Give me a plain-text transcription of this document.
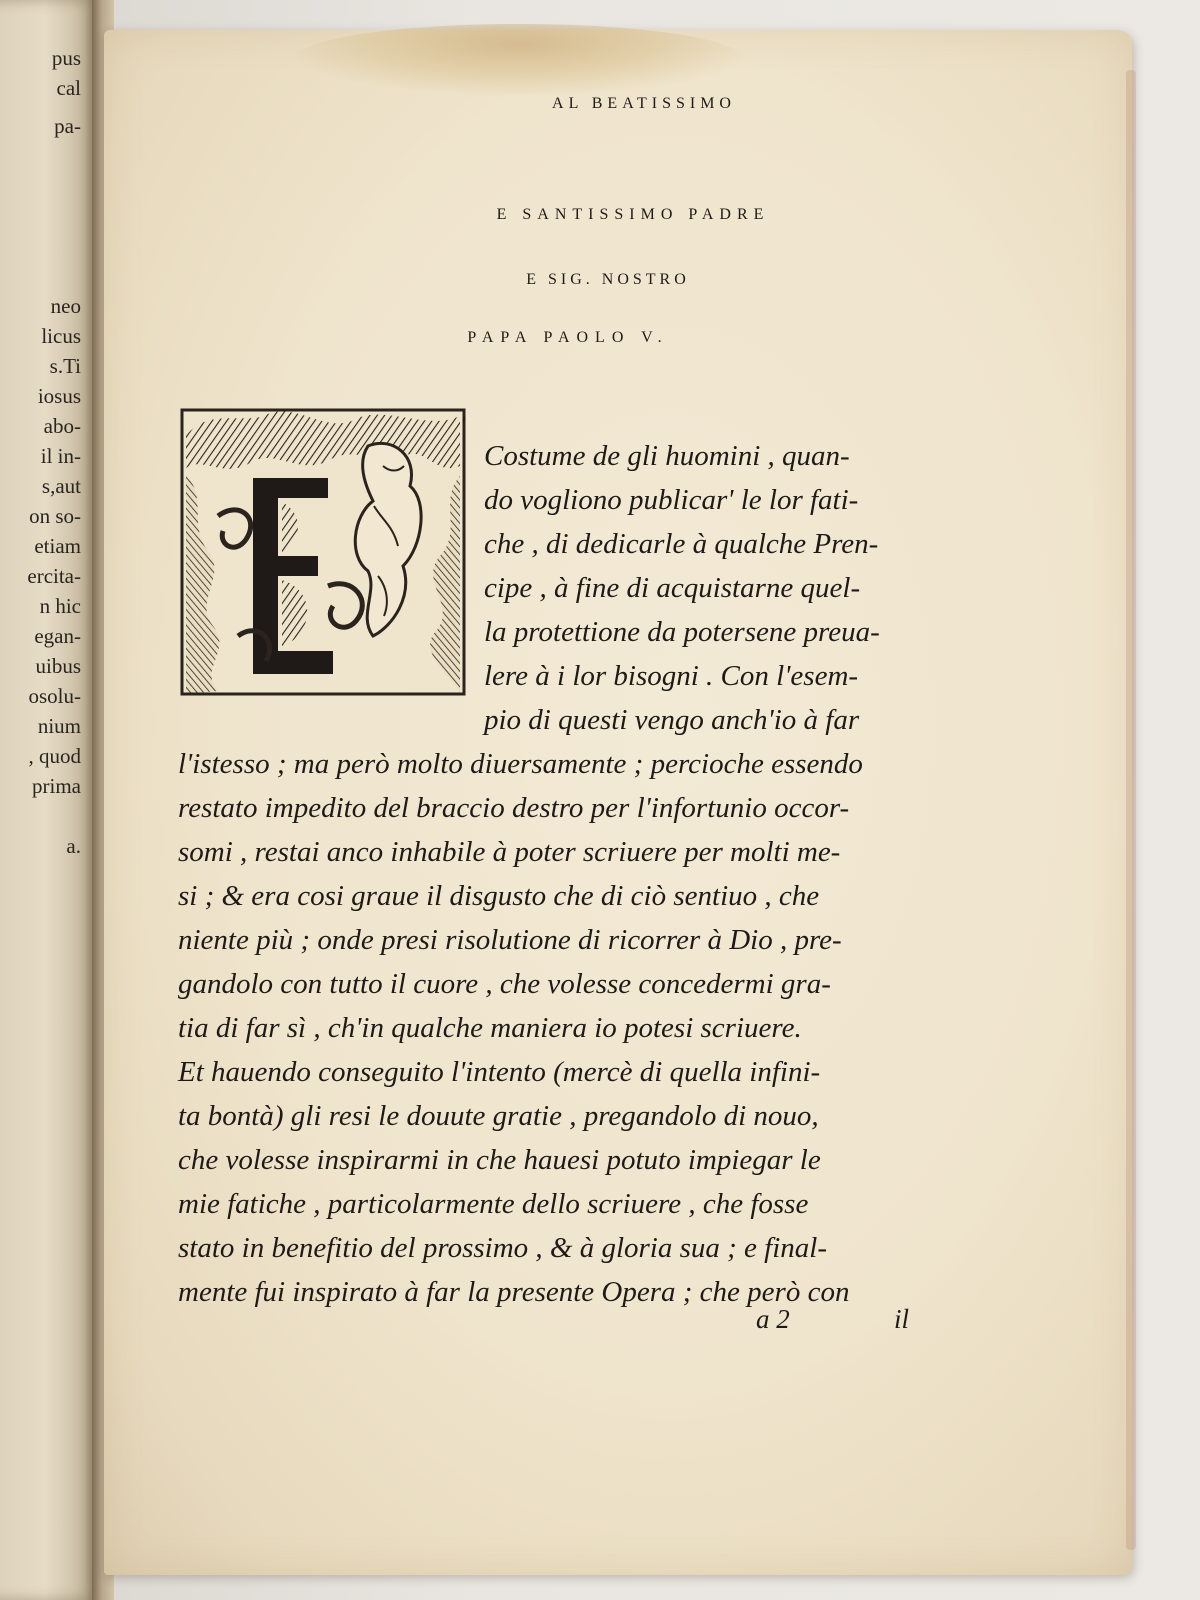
pus
cal
pa-
neo
licus
s.Ti
iosus
abo-
il in-
s,aut
on so-
etiam
ercita-
n hic
egan-
uibus
osolu-
nium
, quod
prima
a.
AL BEATISSIMO
E SANTISSIMO PADRE
E SIG. NOSTRO
PAPA PAOLO V.
'
Costume de gli huomini , quan-
do vogliono publicar' le lor fati-
che , di dedicarle à qualche Pren-
cipe , à fine di acquistarne quel-
la protettione da potersene preua-
lere à i lor bisogni . Con l'esem-
pio di questi vengo anch'io à far
l'istesso ; ma però molto diuersamente ; percioche essendo
restato impedito del braccio destro per l'infortunio occor-
somi , restai anco inhabile à poter scriuere per molti me-
si ; & era cosi graue il disgusto che di ciò sentiuo , che
niente più ; onde presi risolutione di ricorrer à Dio , pre-
gandolo con tutto il cuore , che volesse concedermi gra-
tia di far sì , ch'in qualche maniera io potesi scriuere.
Et hauendo conseguito l'intento (mercè di quella infini-
ta bontà) gli resi le douute gratie , pregandolo di nouo,
che volesse inspirarmi in che hauesi potuto impiegar le
mie fatiche , particolarmente dello scriuere , che fosse
stato in benefitio del prossimo , & à gloria sua ; e final-
mente fui inspirato à far la presente Opera ; che però con
a 2	il
